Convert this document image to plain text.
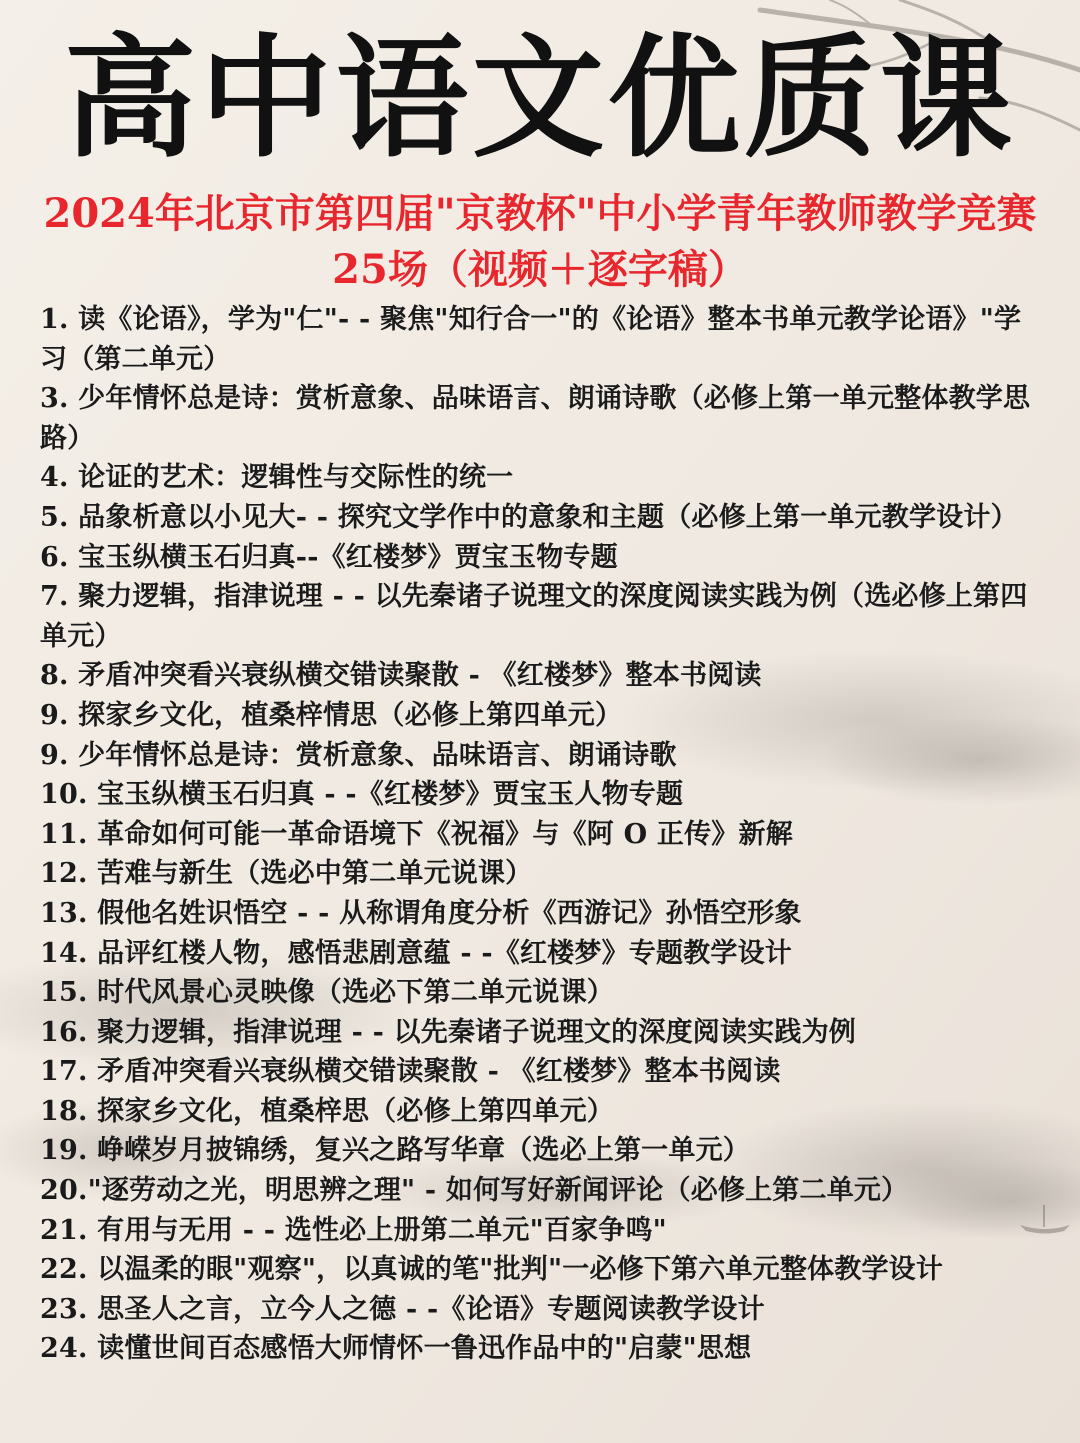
高中语文优质课
2024年北京市第四届"京教杯"中小学青年教师教学竞赛25场（视频＋逐字稿）
1. 读《论语》，学为"仁"- - 聚焦"知行合一"的《论语》整本书单元教学论语》"学习（第二单元）
3. 少年情怀总是诗：赏析意象、品味语言、朗诵诗歌（必修上第一单元整体教学思路）
4. 论证的艺术：逻辑性与交际性的统一
5. 品象析意以小见大- - 探究文学作中的意象和主题（必修上第一单元教学设计）
6. 宝玉纵横玉石归真--《红楼梦》贾宝玉物专题
7. 聚力逻辑，指津说理 - - 以先秦诸子说理文的深度阅读实践为例（选必修上第四单元）
8. 矛盾冲突看兴衰纵横交错读聚散 - 《红楼梦》整本书阅读
9. 探家乡文化，植桑梓情思（必修上第四单元）
9. 少年情怀总是诗：赏析意象、品味语言、朗诵诗歌
10. 宝玉纵横玉石归真 - -《红楼梦》贾宝玉人物专题
11. 革命如何可能一革命语境下《祝福》与《阿 O 正传》新解
12. 苦难与新生（选必中第二单元说课）
13. 假他名姓识悟空 - - 从称谓角度分析《西游记》孙悟空形象
14. 品评红楼人物，感悟悲剧意蕴 - -《红楼梦》专题教学设计
15. 时代风景心灵映像（选必下第二单元说课）
16. 聚力逻辑，指津说理 - - 以先秦诸子说理文的深度阅读实践为例
17. 矛盾冲突看兴衰纵横交错读聚散 - 《红楼梦》整本书阅读
18. 探家乡文化，植桑梓思（必修上第四单元）
19. 峥嵘岁月披锦绣，复兴之路写华章（选必上第一单元）
20."逐劳动之光，明思辨之理" - 如何写好新闻评论（必修上第二单元）
21. 有用与无用 - - 选性必上册第二单元"百家争鸣"
22. 以温柔的眼"观察"，以真诚的笔"批判"一必修下第六单元整体教学设计
23. 思圣人之言，立今人之德 - -《论语》专题阅读教学设计
24. 读懂世间百态感悟大师情怀一鲁迅作品中的"启蒙"思想
